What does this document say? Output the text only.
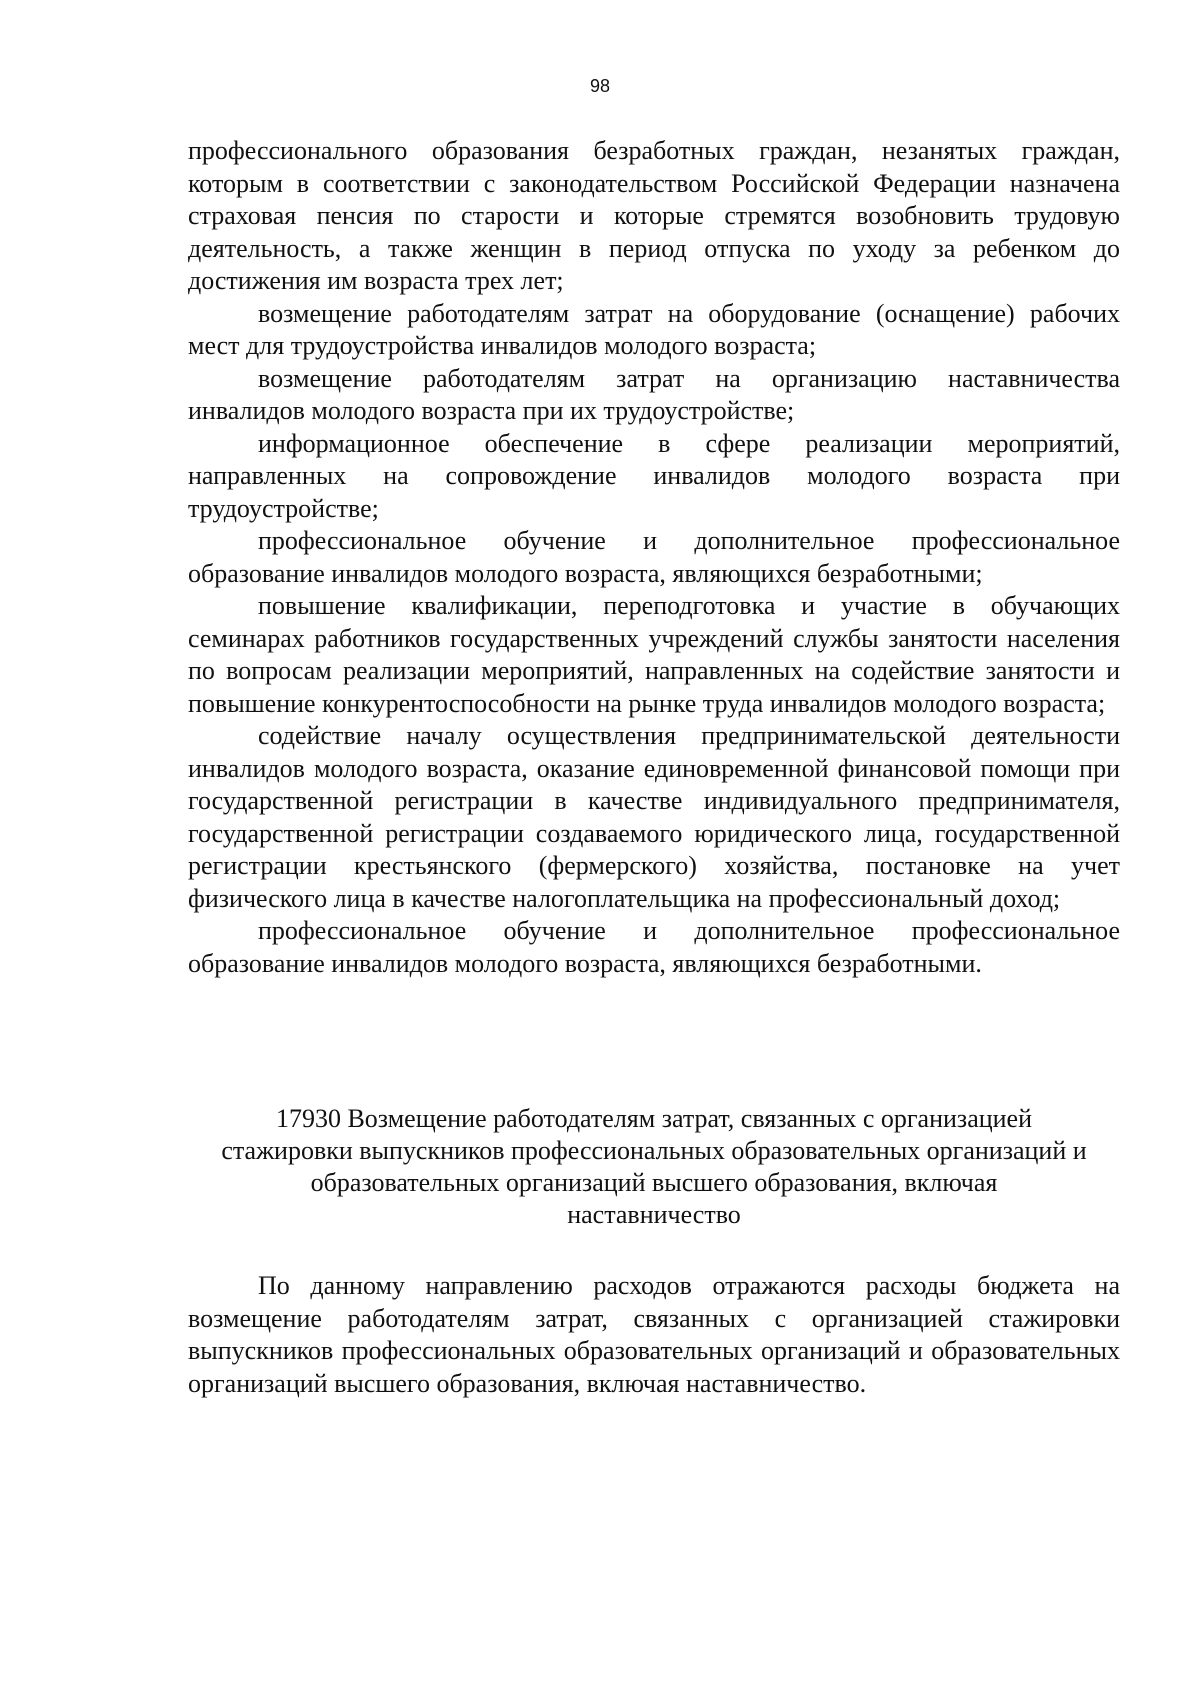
98

профессионального образования безработных граждан, незанятых граждан, которым в соответствии с законодательством Российской Федерации назначена страховая пенсия по старости и которые стремятся возобновить трудовую деятельность, а также женщин в период отпуска по уходу за ребенком до достижения им возраста трех лет;

возмещение работодателям затрат на оборудование (оснащение) рабочих мест для трудоустройства инвалидов молодого возраста;

возмещение работодателям затрат на организацию наставничества инвалидов молодого возраста при их трудоустройстве;

информационное обеспечение в сфере реализации мероприятий, направленных на сопровождение инвалидов молодого возраста при трудоустройстве;

профессиональное обучение и дополнительное профессиональное образование инвалидов молодого возраста, являющихся безработными;

повышение квалификации, переподготовка и участие в обучающих семинарах работников государственных учреждений службы занятости населения по вопросам реализации мероприятий, направленных на содействие занятости и повышение конкурентоспособности на рынке труда инвалидов молодого возраста;

содействие началу осуществления предпринимательской деятельности инвалидов молодого возраста, оказание единовременной финансовой помощи при государственной регистрации в качестве индивидуального предпринимателя, государственной регистрации создаваемого юридического лица, государственной регистрации крестьянского (фермерского) хозяйства, постановке на учет физического лица в качестве налогоплательщика на профессиональный доход;

профессиональное обучение и дополнительное профессиональное образование инвалидов молодого возраста, являющихся безработными.

17930 Возмещение работодателям затрат, связанных с организацией
стажировки выпускников профессиональных образовательных организаций и
образовательных организаций высшего образования, включая
наставничество

По данному направлению расходов отражаются расходы бюджета на возмещение работодателям затрат, связанных с организацией стажировки выпускников профессиональных образовательных организаций и образовательных организаций высшего образования, включая наставничество.
